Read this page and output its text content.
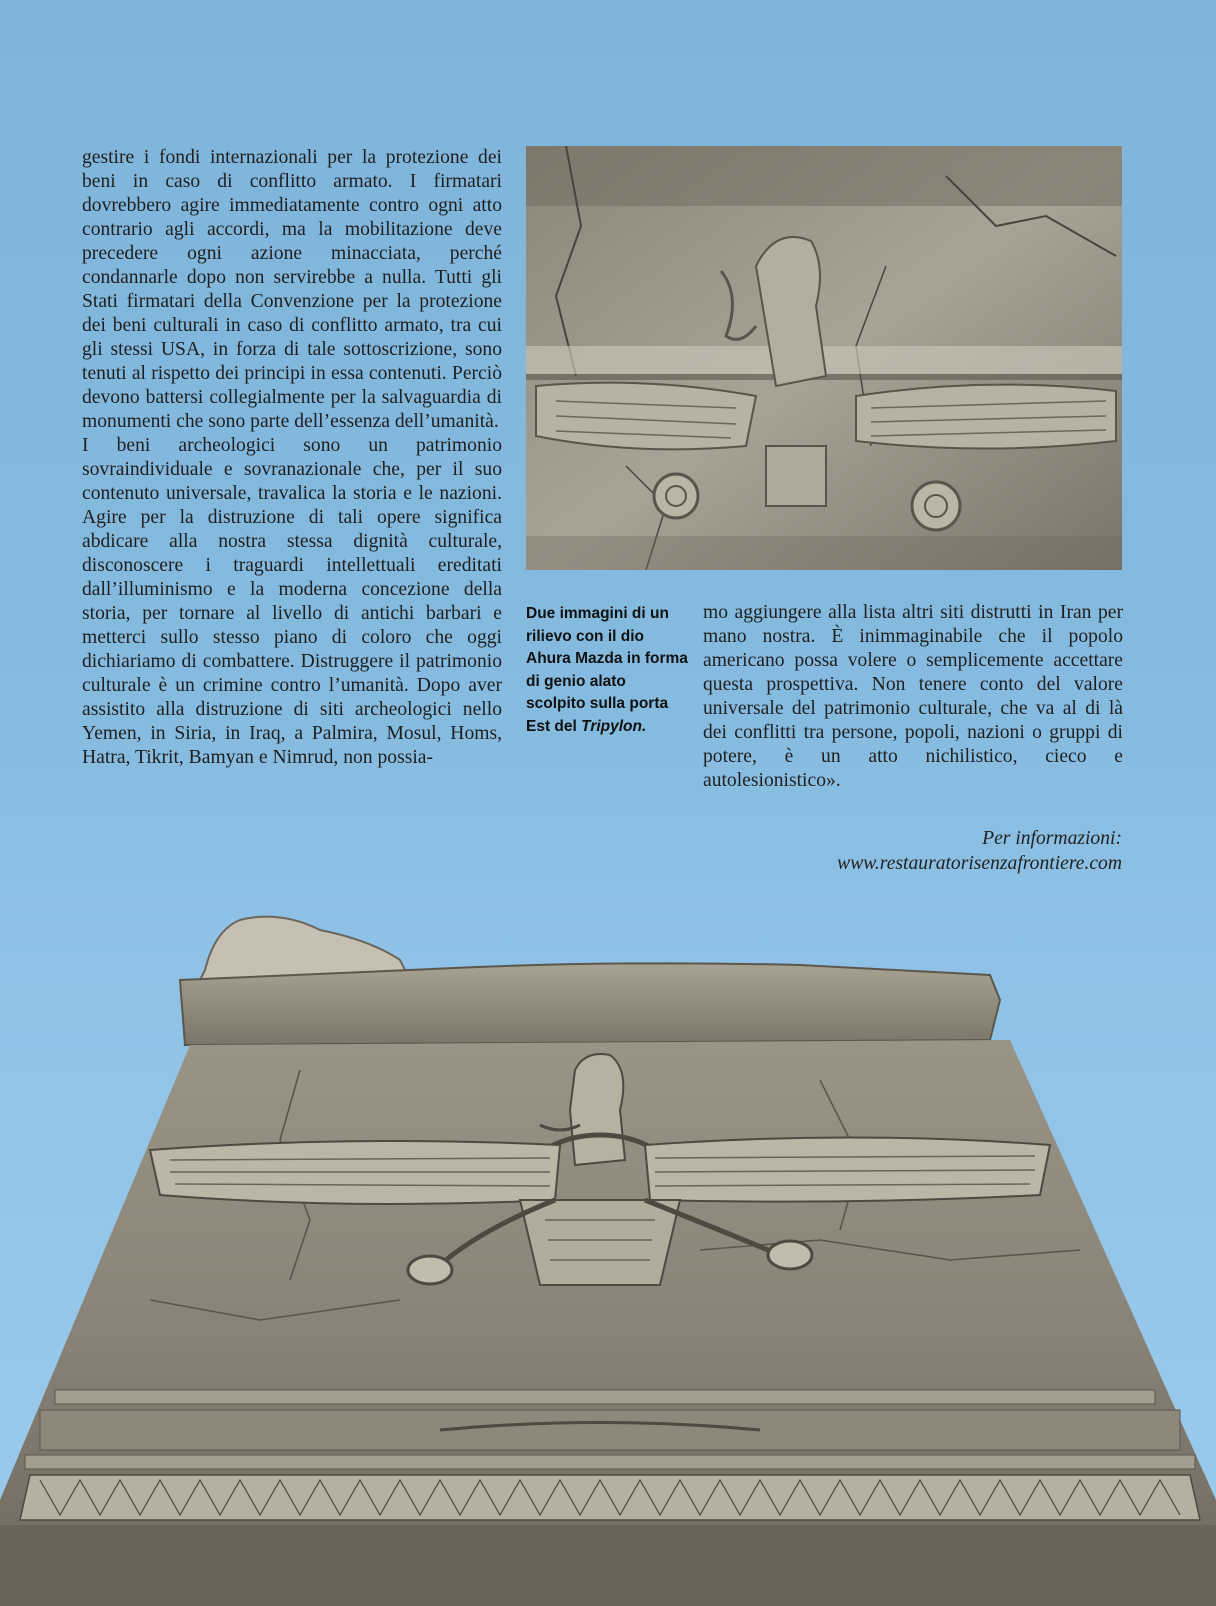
gestire i fondi internazionali per la protezione dei beni in caso di conflitto armato. I firmatari dovrebbero agire immediatamente contro ogni atto contrario agli accordi, ma la mobilitazione deve precedere ogni azione minacciata, perché condannarle dopo non servirebbe a nulla. Tutti gli Stati firmatari della Convenzione per la protezione dei beni culturali in caso di conflitto armato, tra cui gli stessi USA, in forza di tale sottoscrizione, sono tenuti al rispetto dei principi in essa contenuti. Perciò devono battersi collegialmente per la salvaguardia di monumenti che sono parte dell’essenza dell’umanità.

I beni archeologici sono un patrimonio sovraindividuale e sovranazionale che, per il suo contenuto universale, travalica la storia e le nazioni. Agire per la distruzione di tali opere significa abdicare alla nostra stessa dignità culturale, disconoscere i traguardi intellettuali ereditati dall’illuminismo e la moderna concezione della storia, per tornare al livello di antichi barbari e metterci sullo stesso piano di coloro che oggi dichiariamo di combattere. Distruggere il patrimonio culturale è un crimine contro l’umanità. Dopo aver assistito alla distruzione di siti archeologici nello Yemen, in Siria, in Iraq, a Palmira, Mosul, Homs, Hatra, Tikrit, Bamyan e Nimrud, non possia-

Due immagini di un rilievo con il dio Ahura Mazda in forma di genio alato scolpito sulla porta Est del Tripylon.

mo aggiungere alla lista altri siti distrutti in Iran per mano nostra. È inimmaginabile che il popolo americano possa volere o semplicemente accettare questa prospettiva. Non tenere conto del valore universale del patrimonio culturale, che va al di là dei conflitti tra persone, popoli, nazioni o gruppi di potere, è un atto nichilistico, cieco e autolesionistico».

Per informazioni:
www.restauratorisenzafrontiere.com
